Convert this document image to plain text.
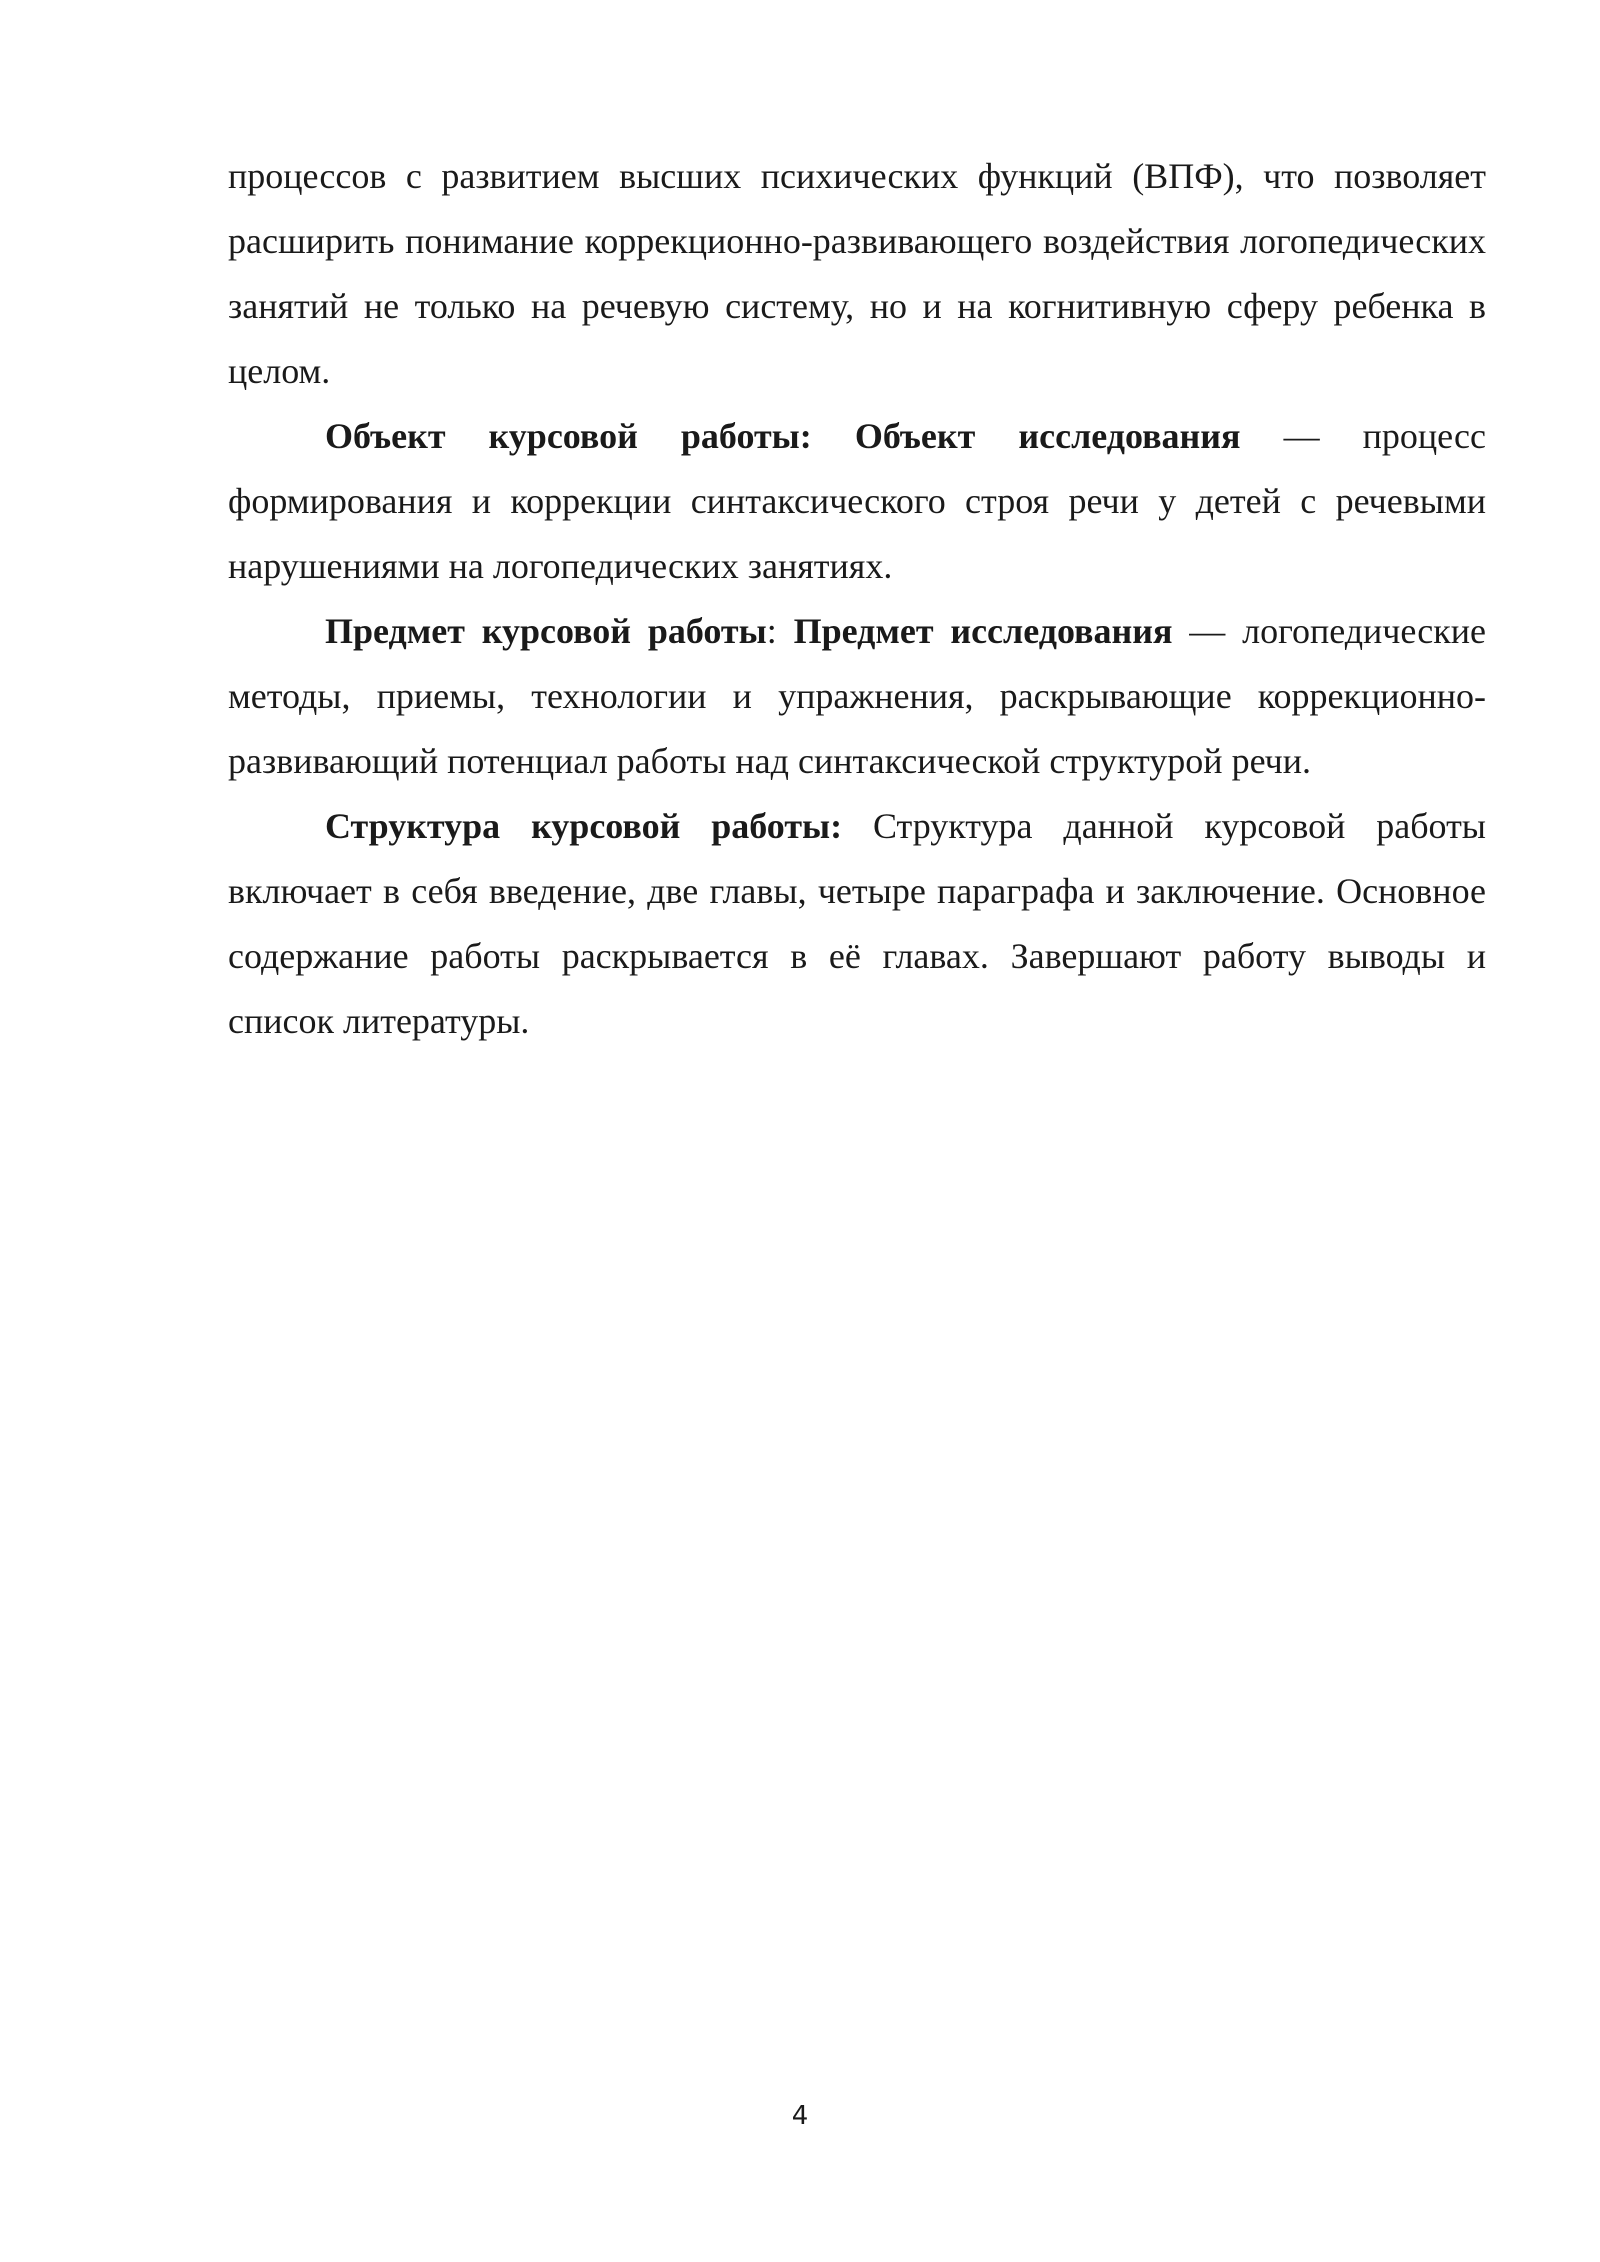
процессов с развитием высших психических функций (ВПФ), что позволяет расширить понимание коррекционно-развивающего воздействия логопедических занятий не только на речевую систему, но и на когнитивную сферу ребенка в целом.

Объект курсовой работы: Объект исследования — процесс формирования и коррекции синтаксического строя речи у детей с речевыми нарушениями на логопедических занятиях.

Предмет курсовой работы: Предмет исследования — логопедические методы, приемы, технологии и упражнения, раскрывающие коррекционно-развивающий потенциал работы над синтаксической структурой речи.

Структура курсовой работы: Структура данной курсовой работы включает в себя введение, две главы, четыре параграфа и заключение. Основное содержание работы раскрывается в её главах. Завершают работу выводы и список литературы.

4
